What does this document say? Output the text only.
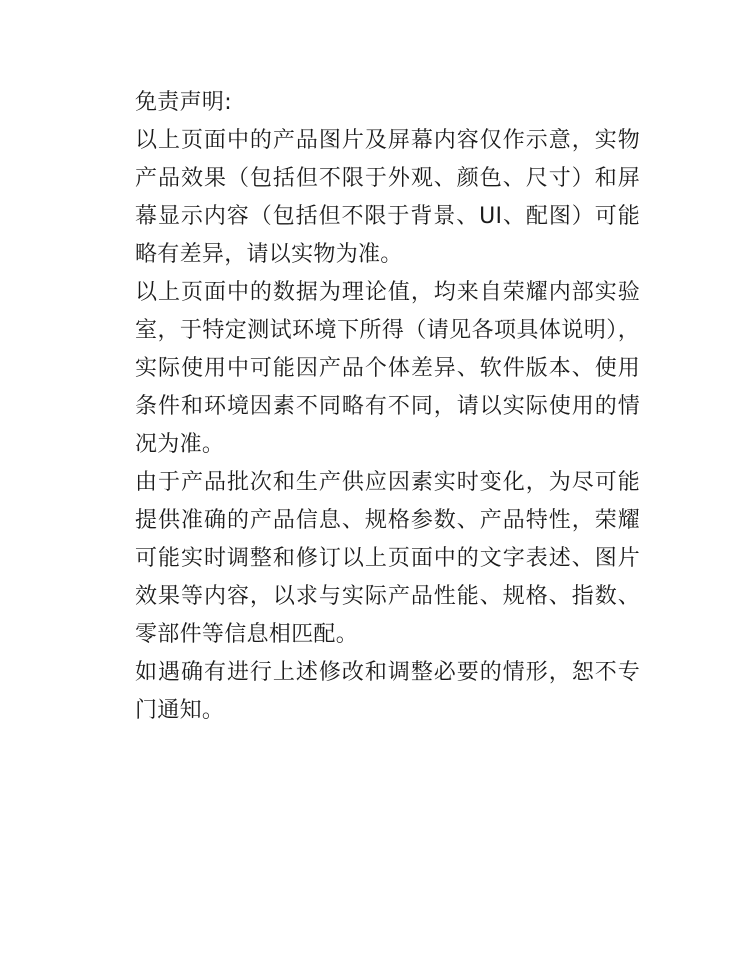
免责声明:

以上页面中的产品图片及屏幕内容仅作示意，实物产品效果（包括但不限于外观、颜色、尺寸）和屏幕显示内容（包括但不限于背景、UI、配图）可能略有差异，请以实物为准。

以上页面中的数据为理论值，均来自荣耀内部实验室，于特定测试环境下所得（请见各项具体说明），实际使用中可能因产品个体差异、软件版本、使用条件和环境因素不同略有不同，请以实际使用的情况为准。

由于产品批次和生产供应因素实时变化，为尽可能提供准确的产品信息、规格参数、产品特性，荣耀可能实时调整和修订以上页面中的文字表述、图片效果等内容，以求与实际产品性能、规格、指数、零部件等信息相匹配。

如遇确有进行上述修改和调整必要的情形，恕不专门通知。
